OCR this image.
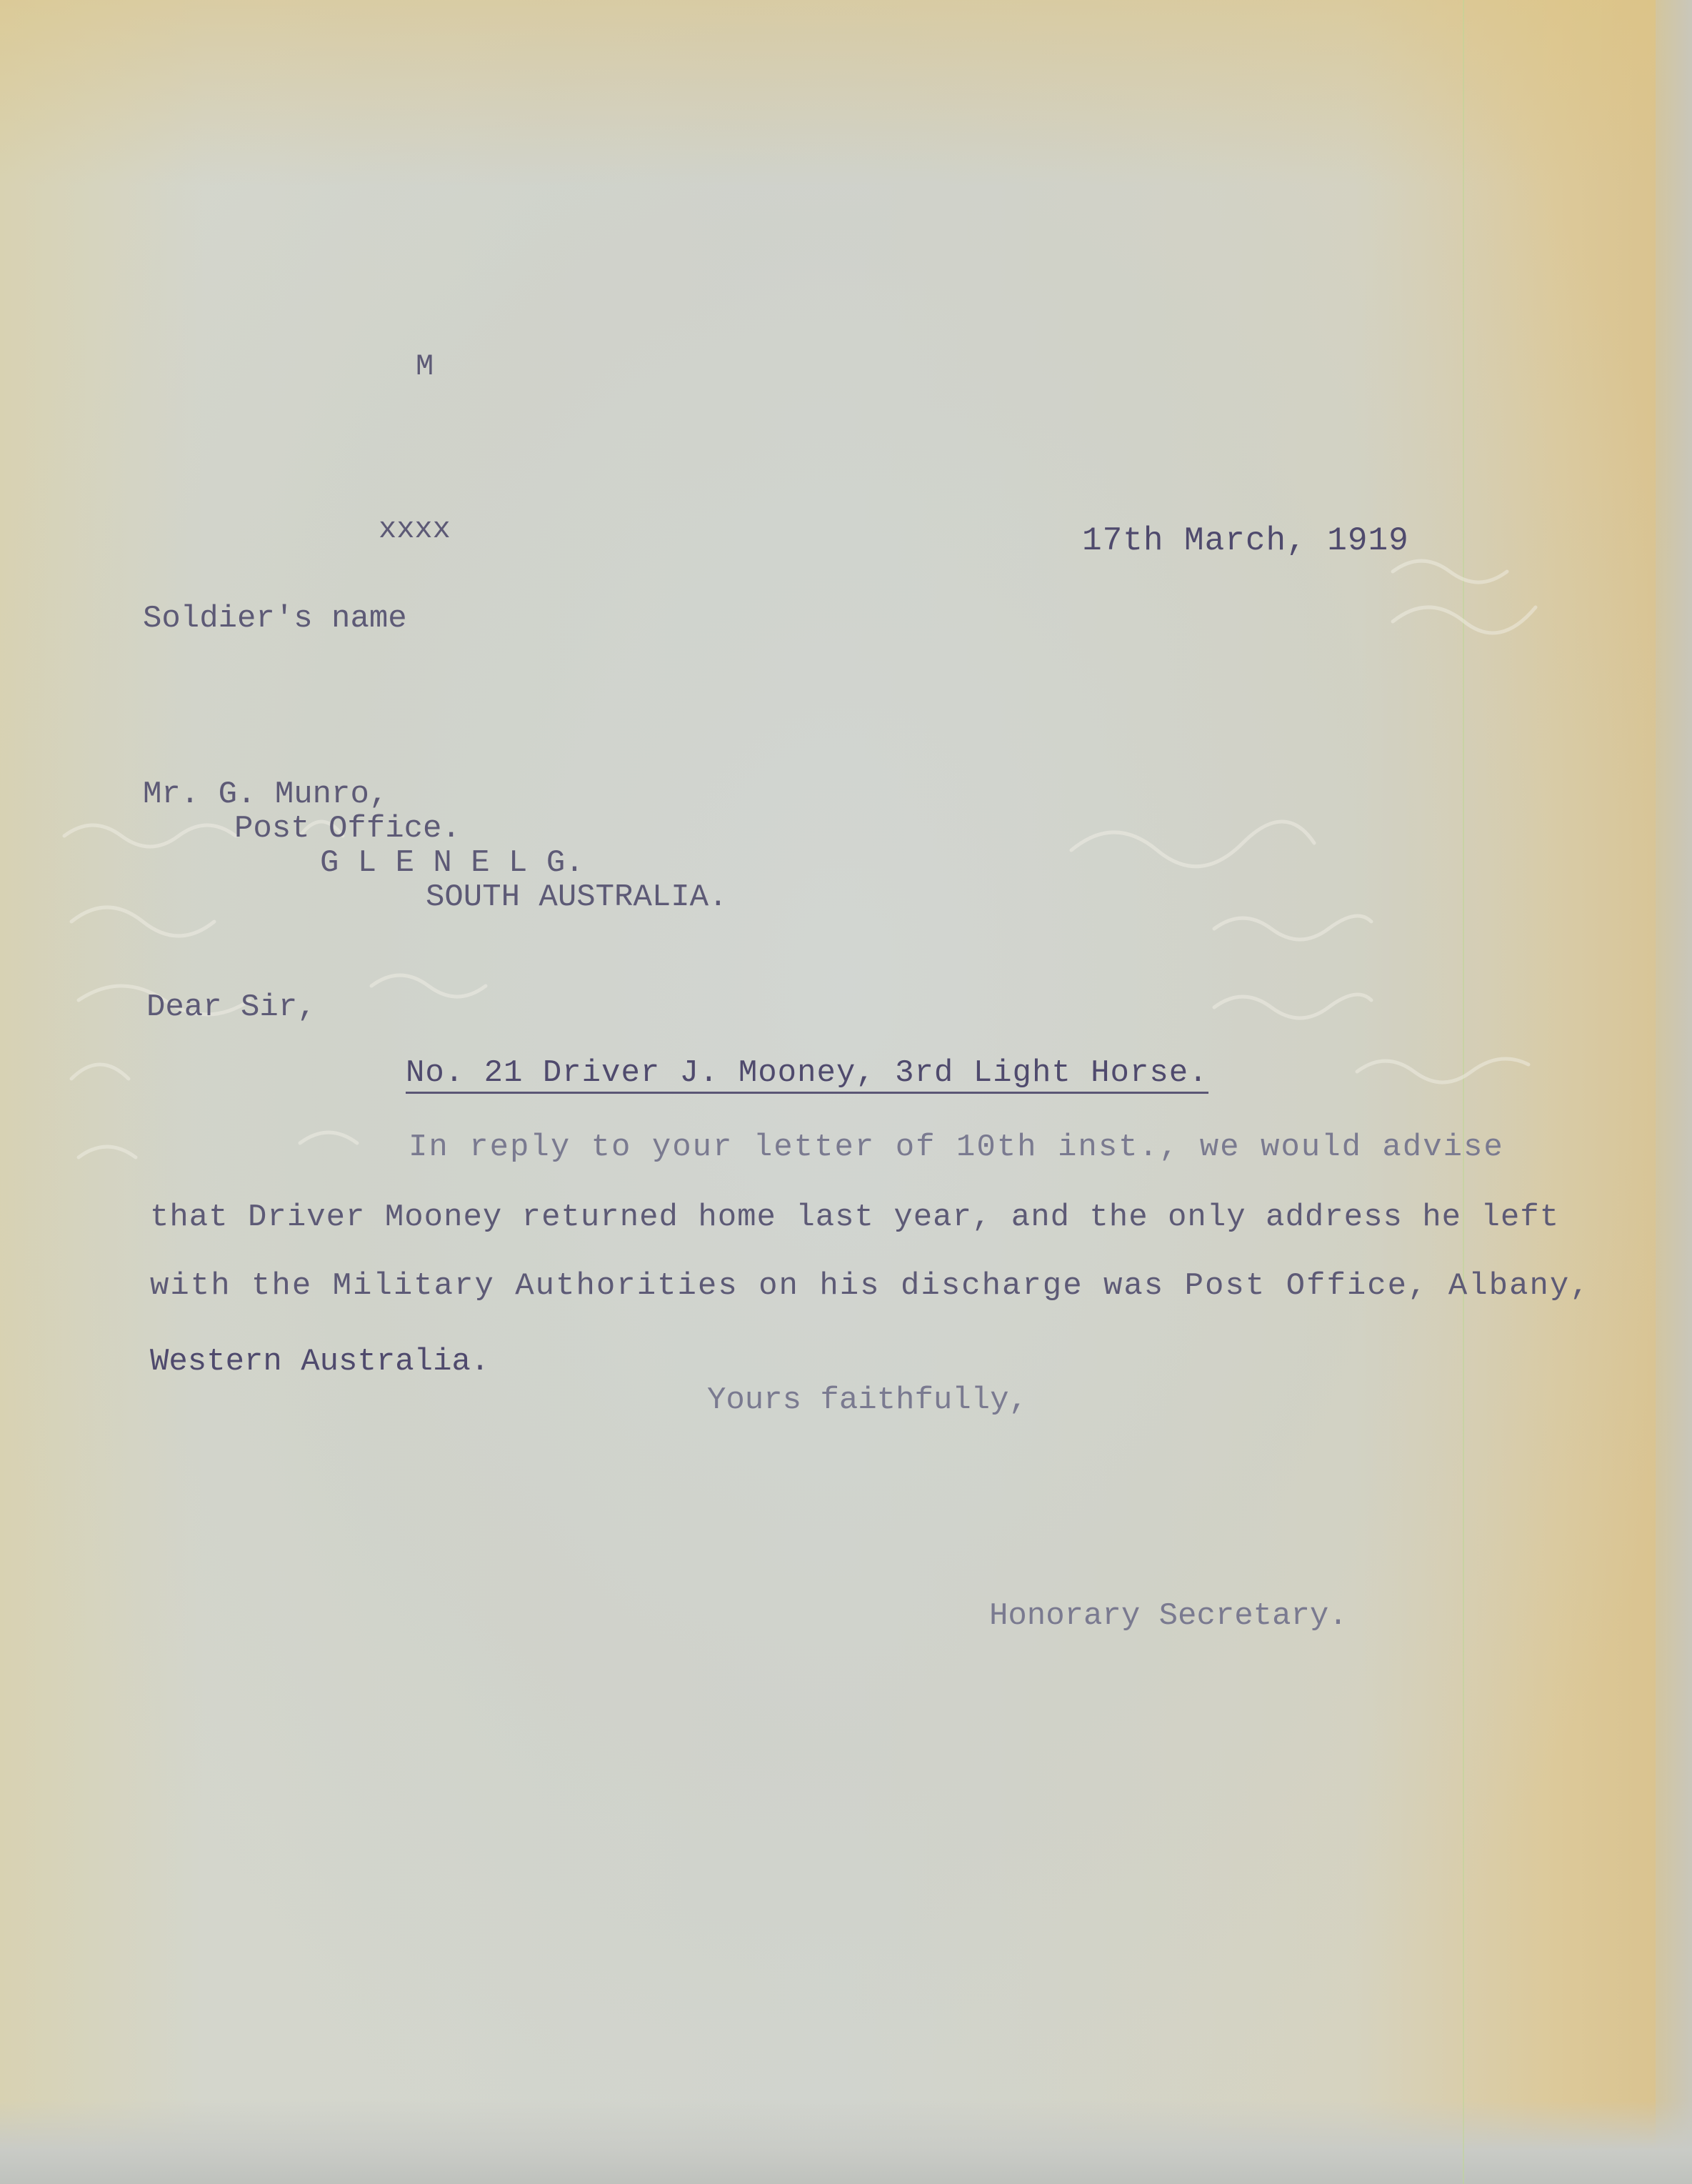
M

xxxx	17th March, 1919

Soldier's name

Mr. G. Munro,

Post Office.

G L E N E L G.

SOUTH AUSTRALIA.

Dear Sir,

No. 21 Driver J. Mooney, 3rd Light Horse.

In reply to your letter of 10th inst., we would advise

that Driver Mooney returned home last year, and the only address he left

with the Military Authorities on his discharge was Post Office, Albany,

Western Australia.

Yours faithfully,

Honorary Secretary.
